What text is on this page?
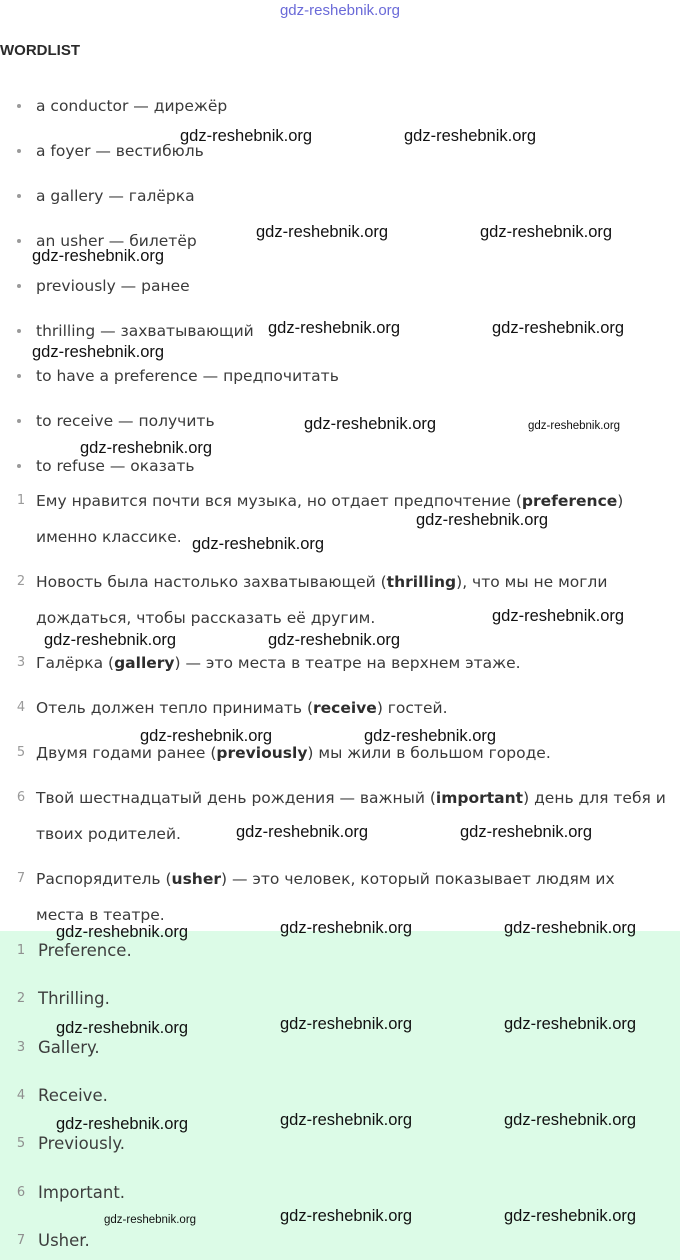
gdz-reshebnik.org
WORDLIST
a conductor — дирежёр
a foyer — вестибюль
a gallery — галёрка
an usher — билетёр
previously — ранее
thrilling — захватывающий
to have a preference — предпочитать
to receive — получить
to refuse — оказать
1 Ему нравится почти вся музыка, но отдает предпочтение (preference)
именно классике.
2 Новость была настолько захватывающей (thrilling), что мы не могли
дождаться, чтобы рассказать её другим.
3 Галёрка (gallery) — это места в театре на верхнем этаже.
4 Отель должен тепло принимать (receive) гостей.
5 Двумя годами ранее (previously) мы жили в большом городе.
6 Твой шестнадцатый день рождения — важный (important) день для тебя и
твоих родителей.
7 Распорядитель (usher) — это человек, который показывает людям их
места в театре.
1 Preference.
2 Thrilling.
3 Gallery.
4 Receive.
5 Previously.
6 Important.
7 Usher.
gdz-reshebnik.org	gdz-reshebnik.org
gdz-reshebnik.org	gdz-reshebnik.org
gdz-reshebnik.org
gdz-reshebnik.org	gdz-reshebnik.org
gdz-reshebnik.org
gdz-reshebnik.org	gdz-reshebnik.org
gdz-reshebnik.org
gdz-reshebnik.org
gdz-reshebnik.org
gdz-reshebnik.org
gdz-reshebnik.org	gdz-reshebnik.org
gdz-reshebnik.org	gdz-reshebnik.org
gdz-reshebnik.org	gdz-reshebnik.org
gdz-reshebnik.org	gdz-reshebnik.org	gdz-reshebnik.org
gdz-reshebnik.org	gdz-reshebnik.org	gdz-reshebnik.org
gdz-reshebnik.org	gdz-reshebnik.org	gdz-reshebnik.org
gdz-reshebnik.org	gdz-reshebnik.org	gdz-reshebnik.org
